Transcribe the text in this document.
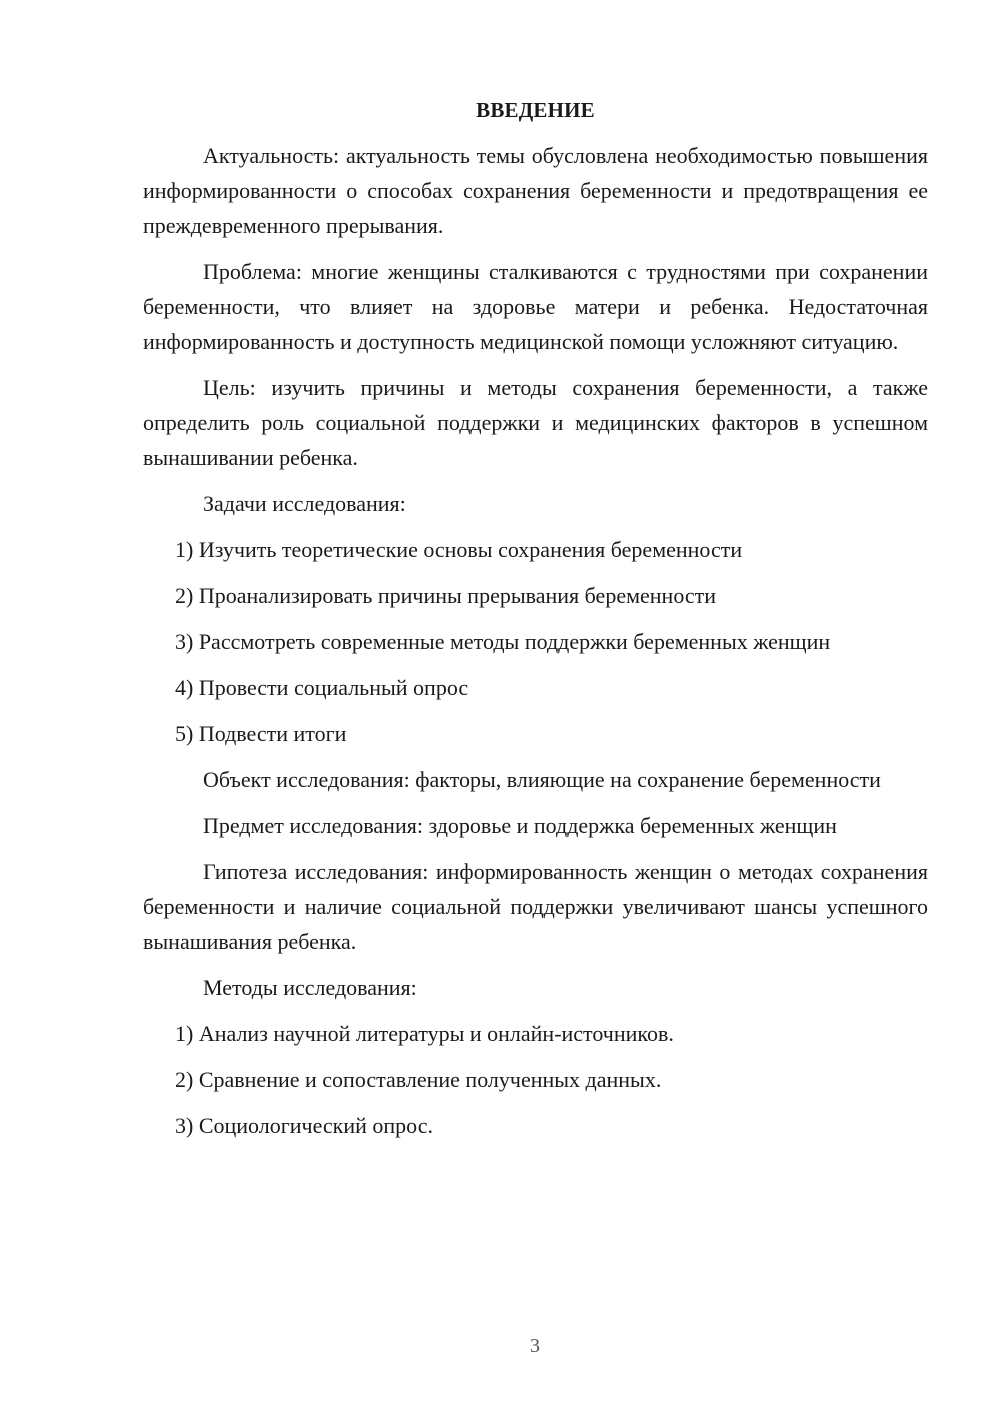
ВВЕДЕНИЕ

Актуальность: актуальность темы обусловлена необходимостью повышения информированности о способах сохранения беременности и предотвращения ее преждевременного прерывания.

Проблема: многие женщины сталкиваются с трудностями при сохранении беременности, что влияет на здоровье матери и ребенка. Недостаточная информированность и доступность медицинской помощи усложняют ситуацию.

Цель: изучить причины и методы сохранения беременности, а также определить роль социальной поддержки и медицинских факторов в успешном вынашивании ребенка.

Задачи исследования:

1) Изучить теоретические основы сохранения беременности
2) Проанализировать причины прерывания беременности
3) Рассмотреть современные методы поддержки беременных женщин
4) Провести социальный опрос
5) Подвести итоги

Объект исследования: факторы, влияющие на сохранение беременности

Предмет исследования: здоровье и поддержка беременных женщин

Гипотеза исследования: информированность женщин о методах сохранения беременности и наличие социальной поддержки увеличивают шансы успешного вынашивания ребенка.

Методы исследования:

1) Анализ научной литературы и онлайн-источников.
2) Сравнение и сопоставление полученных данных.
3) Социологический опрос.
3
